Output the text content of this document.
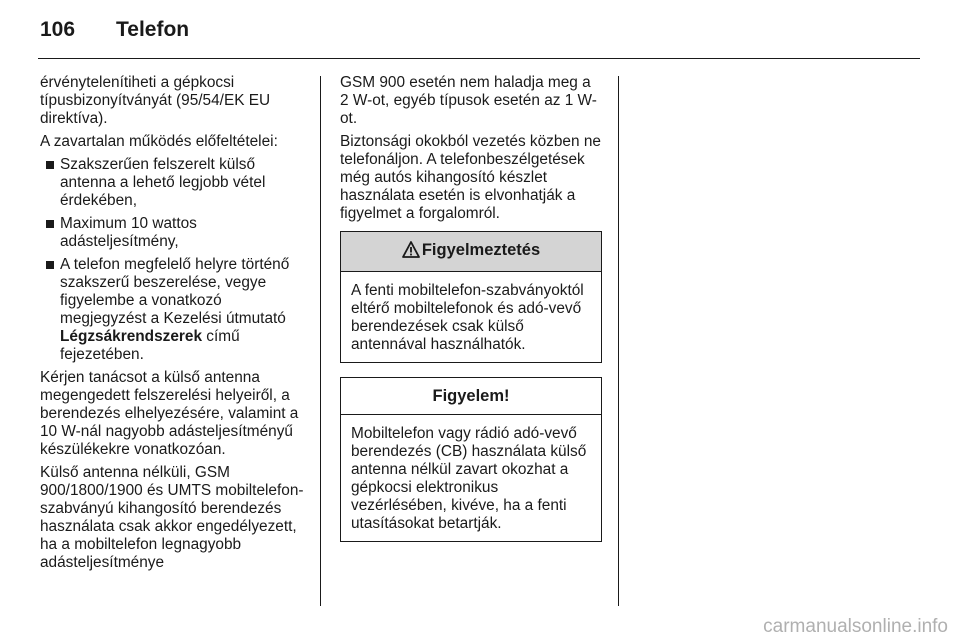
106 Telefon

érvénytelenítiheti a gépkocsi típusbizonyítványát (95/54/EK EU direktíva).

A zavartalan működés előfeltételei:

Szakszerűen felszerelt külső antenna a lehető legjobb vétel érdekében,
Maximum 10 wattos adásteljesítmény,
A telefon megfelelő helyre történő szakszerű beszerelése, vegye figyelembe a vonatkozó megjegyzést a Kezelési útmutató Légzsákrendszerek című fejezetében.

Kérjen tanácsot a külső antenna megengedett felszerelési helyeiről, a berendezés elhelyezésére, valamint a 10 W-nál nagyobb adásteljesítményű készülékekre vonatkozóan.

Külső antenna nélküli, GSM 900/1800/1900 és UMTS mobiltelefon-szabványú kihangosító berendezés használata csak akkor engedélyezett, ha a mobiltelefon legnagyobb adásteljesítménye

GSM 900 esetén nem haladja meg a 2 W-ot, egyéb típusok esetén az 1 W-ot.

Biztonsági okokból vezetés közben ne telefonáljon. A telefonbeszélgetések még autós kihangosító készlet használata esetén is elvonhatják a figyelmet a forgalomról.

Figyelmeztetés
A fenti mobiltelefon-szabványoktól eltérő mobiltelefonok és adó-vevő berendezések csak külső antennával használhatók.
Figyelem!
Mobiltelefon vagy rádió adó-vevő berendezés (CB) használata külső antenna nélkül zavart okozhat a gépkocsi elektronikus vezérlésében, kivéve, ha a fenti utasításokat betartják.
carmanualsonline.info
